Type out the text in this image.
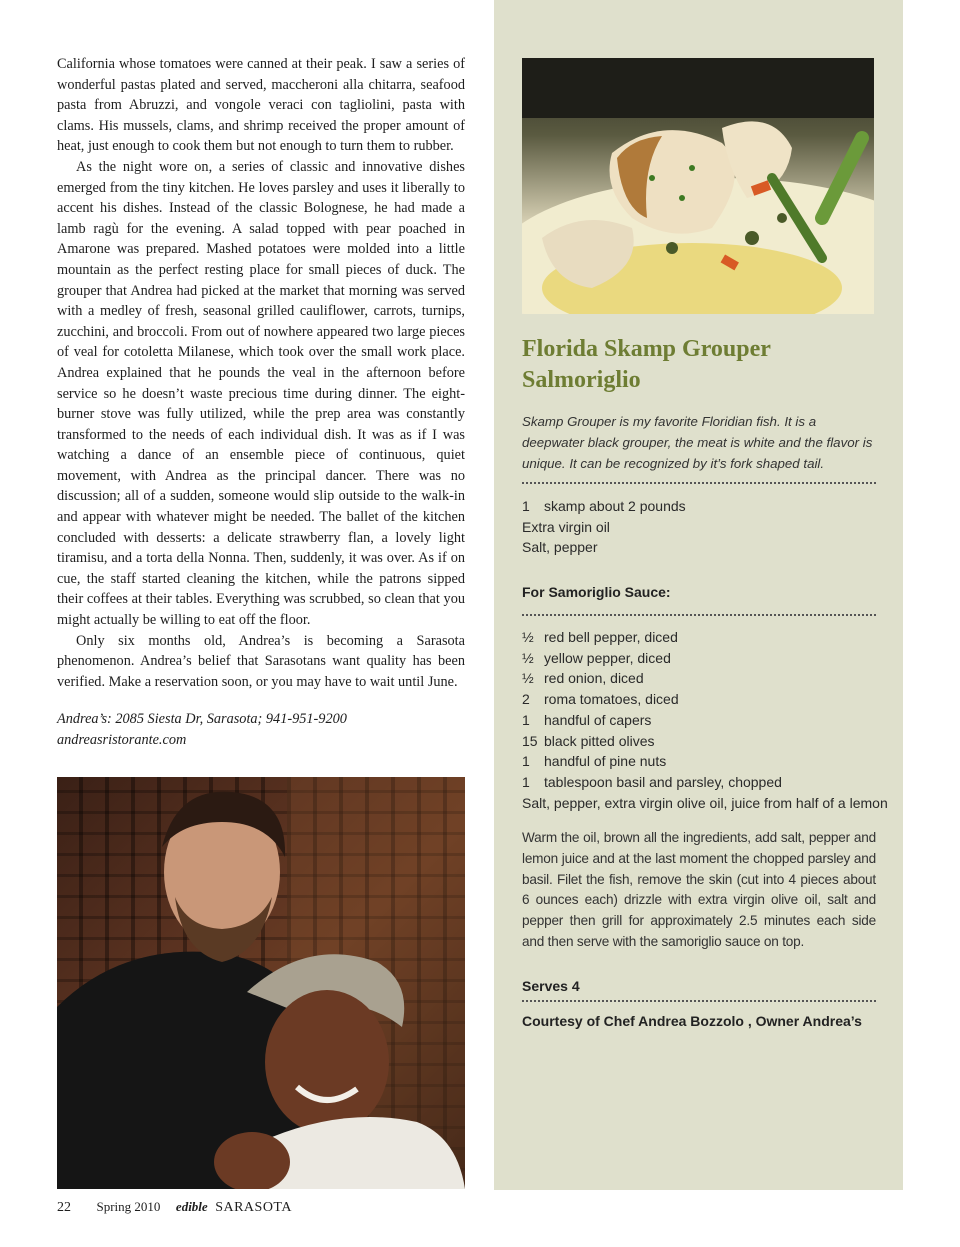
California whose tomatoes were canned at their peak. I saw a series of wonderful pastas plated and served, maccheroni alla chitarra, seafood pasta from Abruzzi, and vongole veraci con tagliolini, pasta with clams. His mussels, clams, and shrimp received the proper amount of heat, just enough to cook them but not enough to turn them to rubber.

As the night wore on, a series of classic and innovative dishes emerged from the tiny kitchen. He loves parsley and uses it liberally to accent his dishes. Instead of the classic Bolognese, he had made a lamb ragù for the evening. A salad topped with pear poached in Amarone was prepared. Mashed potatoes were molded into a little mountain as the perfect resting place for small pieces of duck. The grouper that Andrea had picked at the market that morning was served with a medley of fresh, seasonal grilled cauliflower, carrots, turnips, zucchini, and broccoli. From out of nowhere appeared two large pieces of veal for cotoletta Milanese, which took over the small work place. Andrea explained that he pounds the veal in the afternoon before service so he doesn’t waste precious time during dinner. The eight-burner stove was fully utilized, while the prep area was constantly transformed to the needs of each individual dish. It was as if I was watching a dance of an ensemble piece of continuous, quiet movement, with Andrea as the principal dancer. There was no discussion; all of a sudden, someone would slip outside to the walk-in and appear with whatever might be needed. The ballet of the kitchen concluded with desserts: a delicate strawberry flan, a lovely light tiramisu, and a torta della Nonna. Then, suddenly, it was over. As if on cue, the staff started cleaning the kitchen, while the patrons sipped their coffees at their tables. Everything was scrubbed, so clean that you might actually be willing to eat off the floor.

Only six months old, Andrea’s is becoming a Sarasota phenomenon. Andrea’s belief that Sarasotans want quality has been verified. Make a reservation soon, or you may have to wait until June.

Andrea’s: 2085 Siesta Dr, Sarasota; 941-951-9200
andreasristorante.com
22 Spring 2010 edible SARASOTA
Florida Skamp Grouper
Salmoriglio
Skamp Grouper is my favorite Floridian fish. It is a deepwater black grouper, the meat is white and the flavor is unique. It can be recognized by it’s fork shaped tail.
1	skamp about 2 pounds
Extra virgin oil
Salt, pepper
For Samoriglio Sauce:
½ red bell pepper, diced
½ yellow pepper, diced
½ red onion, diced
2	roma tomatoes, diced
1	handful of capers
15 black pitted olives
1	handful of pine nuts
1	tablespoon basil and parsley, chopped
Salt, pepper, extra virgin olive oil, juice from half of a lemon
Warm the oil, brown all the ingredients, add salt, pepper and lemon juice and at the last moment the chopped parsley and basil. Filet the fish, remove the skin (cut into 4 pieces about 6 ounces each) drizzle with extra virgin olive oil, salt and pepper then grill for approximately 2.5 minutes each side and then serve with the samoriglio sauce on top.
Serves 4
Courtesy of Chef Andrea Bozzolo , Owner Andrea’s
